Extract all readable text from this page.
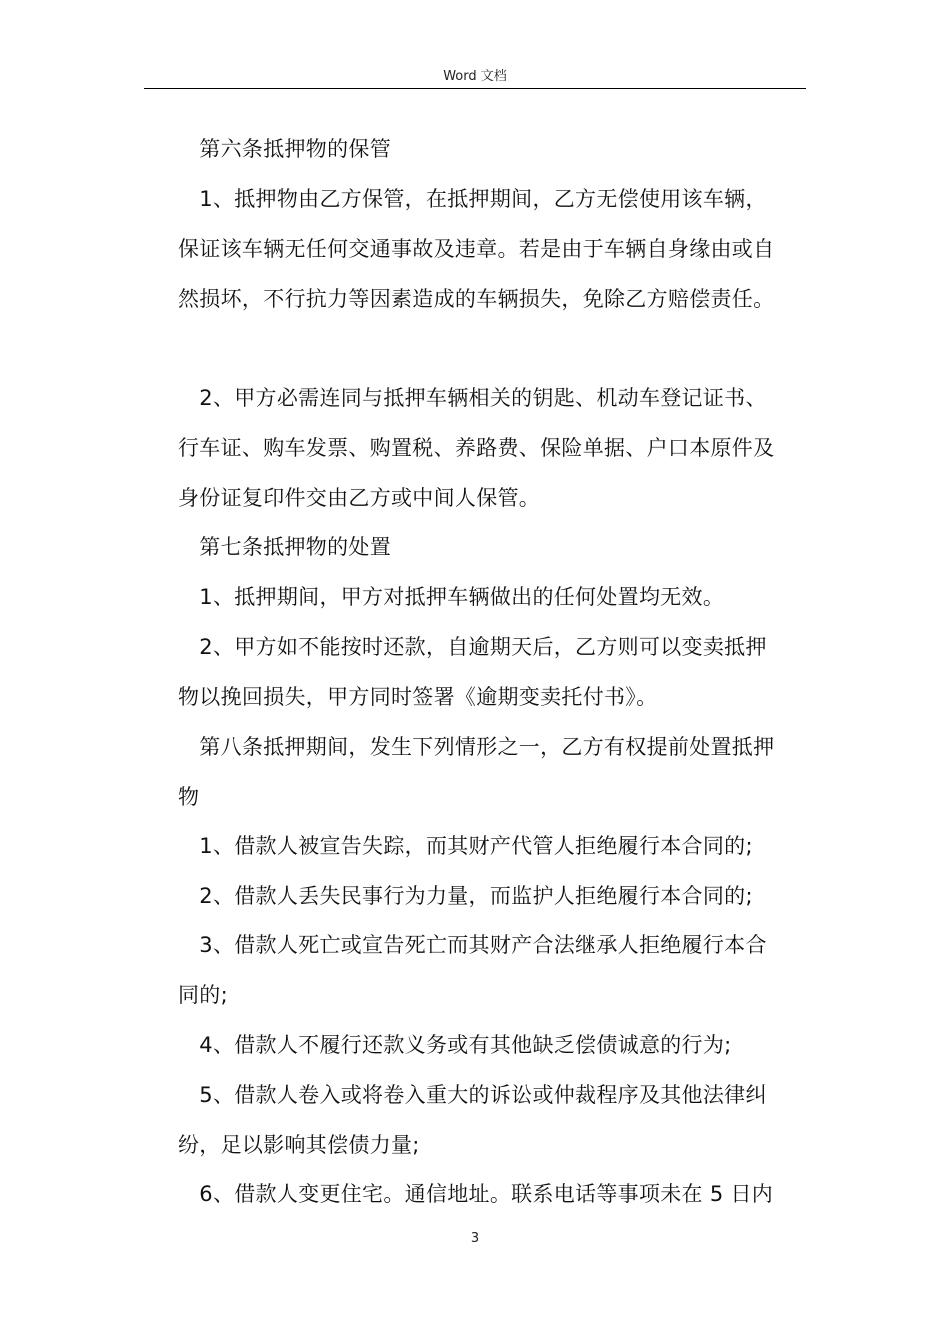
Word 文档

　第六条抵押物的保管

　1、抵押物由乙方保管，在抵押期间，乙方无偿使用该车辆，
保证该车辆无任何交通事故及违章。若是由于车辆自身缘由或自
然损坏，不行抗力等因素造成的车辆损失，免除乙方赔偿责任。

　2、甲方必需连同与抵押车辆相关的钥匙、机动车登记证书、
行车证、购车发票、购置税、养路费、保险单据、户口本原件及
身份证复印件交由乙方或中间人保管。

　第七条抵押物的处置

　1、抵押期间，甲方对抵押车辆做出的任何处置均无效。

　2、甲方如不能按时还款，自逾期天后，乙方则可以变卖抵押
物以挽回损失，甲方同时签署《逾期变卖托付书》。

　第八条抵押期间，发生下列情形之一，乙方有权提前处置抵押
物

　1、借款人被宣告失踪，而其财产代管人拒绝履行本合同的;

　2、借款人丢失民事行为力量，而监护人拒绝履行本合同的;

　3、借款人死亡或宣告死亡而其财产合法继承人拒绝履行本合
同的;

　4、借款人不履行还款义务或有其他缺乏偿债诚意的行为;

　5、借款人卷入或将卷入重大的诉讼或仲裁程序及其他法律纠
纷，足以影响其偿债力量;

　6、借款人变更住宅。通信地址。联系电话等事项未在 5 日内

3
